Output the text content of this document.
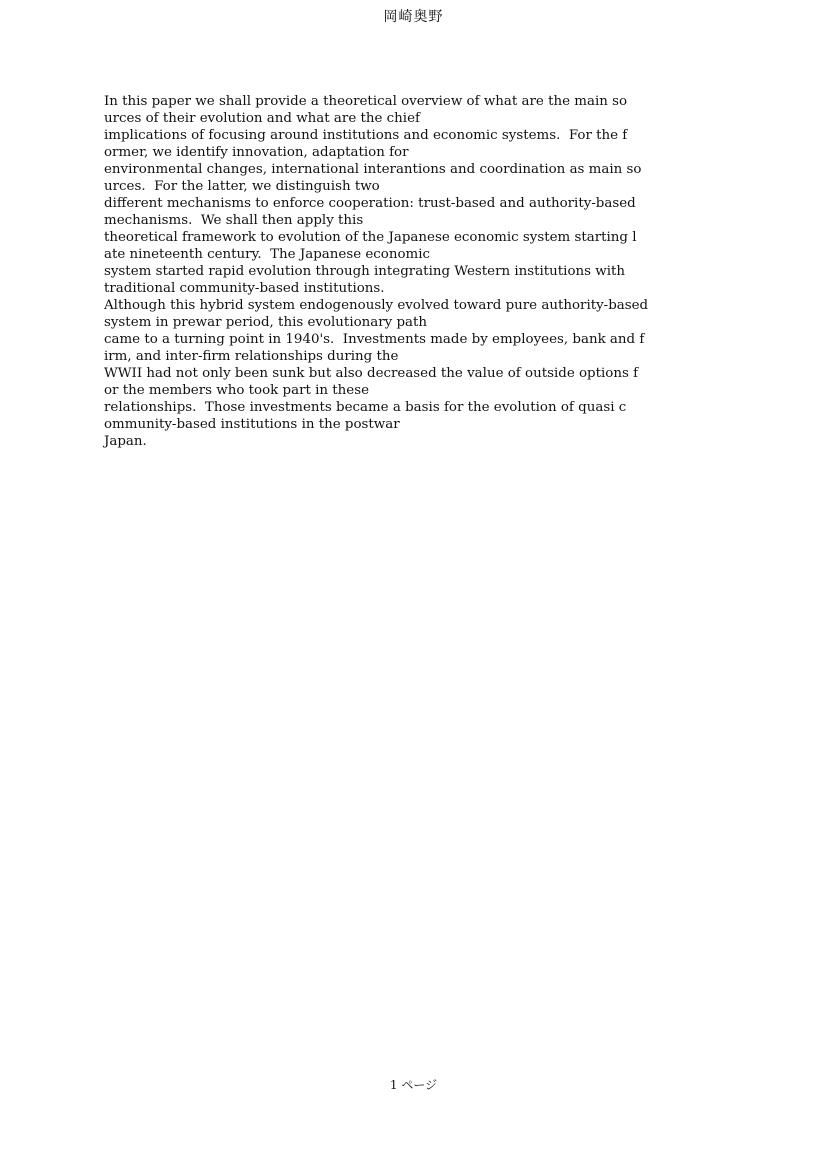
岡崎奥野
In this paper we shall provide a theoretical overview of what are the main so
urces of their evolution and what are the chief
implications of focusing around institutions and economic systems.  For the f
ormer, we identify innovation, adaptation for
environmental changes, international interantions and coordination as main so
urces.  For the latter, we distinguish two
different mechanisms to enforce cooperation: trust-based and authority-based
mechanisms.  We shall then apply this
theoretical framework to evolution of the Japanese economic system starting l
ate nineteenth century.  The Japanese economic
system started rapid evolution through integrating Western institutions with
traditional community-based institutions.
Although this hybrid system endogenously evolved toward pure authority-based
system in prewar period, this evolutionary path
came to a turning point in 1940's.  Investments made by employees, bank and f
irm, and inter-firm relationships during the
WWII had not only been sunk but also decreased the value of outside options f
or the members who took part in these
relationships.  Those investments became a basis for the evolution of quasi c
ommunity-based institutions in the postwar
Japan.
1 ページ
